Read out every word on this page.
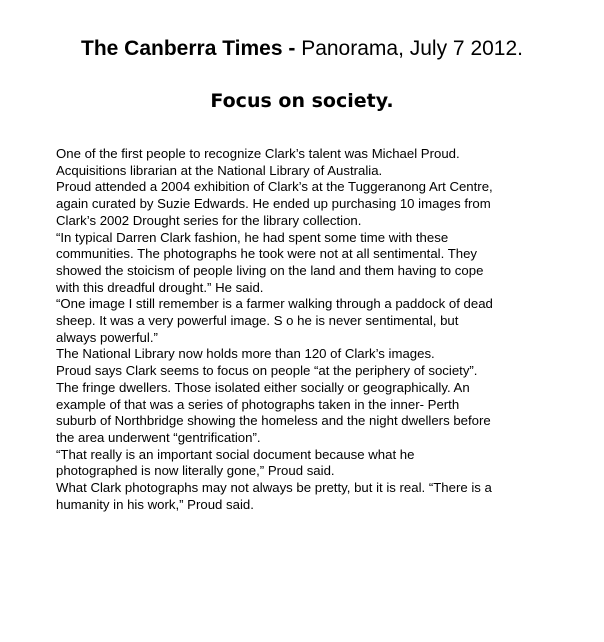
The Canberra Times - Panorama, July 7 2012.
Focus on society.
One of the first people to recognize Clark’s talent was Michael Proud.
Acquisitions librarian at the National Library of Australia.
Proud attended a 2004 exhibition of Clark’s at the Tuggeranong Art Centre,
again curated by Suzie Edwards. He ended up purchasing 10 images from
Clark’s 2002 Drought series for the library collection.
“In typical Darren Clark fashion, he had spent some time with these
communities. The photographs he took were not at all sentimental. They
showed the stoicism of people living on the land and them having to cope
with this dreadful drought.” He said.
“One image I still remember is a farmer walking through a paddock of dead
sheep. It was a very powerful image. S o he is never sentimental, but
always powerful.”
The National Library now holds more than 120 of Clark’s images.
Proud says Clark seems to focus on people “at the periphery of society”.
The fringe dwellers. Those isolated either socially or geographically. An
example of that was a series of photographs taken in the inner- Perth
suburb of Northbridge showing the homeless and the night dwellers before
the area underwent “gentrification”.
“That really is an important social document because what he
photographed is now literally gone,” Proud said.
What Clark photographs may not always be pretty, but it is real. “There is a
humanity in his work,” Proud said.
